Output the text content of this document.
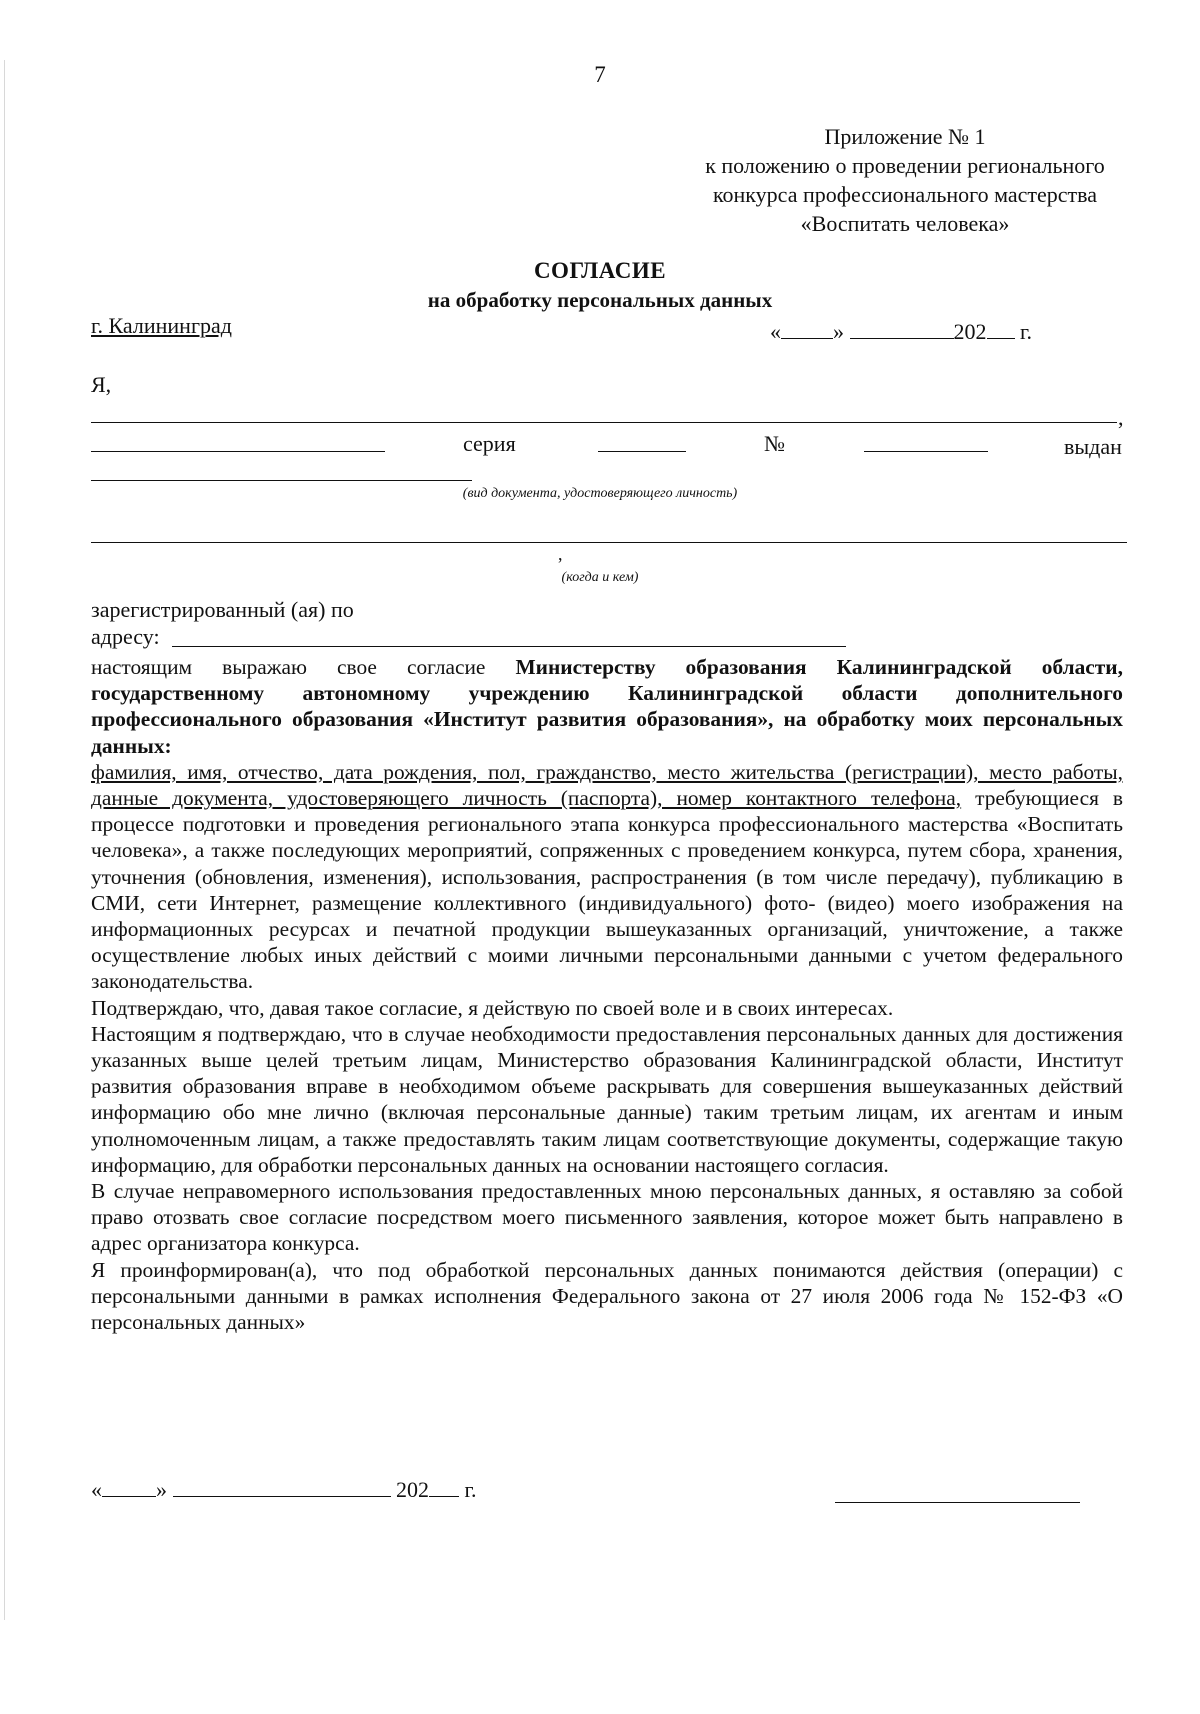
7
Приложение № 1
к положению о проведении регионального
конкурса профессионального мастерства
«Воспитать человека»
СОГЛАСИЕ
на обработку персональных данных
г. Калининград	« »	202 г.
Я,
,
серия	№	выдан
(вид документа, удостоверяющего личность)
,
(когда и кем)
зарегистрированный (ая) по
адресу:

настоящим выражаю свое согласие Министерству образования Калининградской области, государственному автономному учреждению Калининградской области дополнительного профессионального образования «Институт развития образования», на обработку моих персональных данных:

фамилия, имя, отчество, дата рождения, пол, гражданство, место жительства (регистрации), место работы, данные документа, удостоверяющего личность (паспорта), номер контактного телефона, требующиеся в процессе подготовки и проведения регионального этапа конкурса профессионального мастерства «Воспитать человека», а также последующих мероприятий, сопряженных с проведением конкурса, путем сбора, хранения, уточнения (обновления, изменения), использования, распространения (в том числе передачу), публикацию в СМИ, сети Интернет, размещение коллективного (индивидуального) фото- (видео) моего изображения на информационных ресурсах и печатной продукции вышеуказанных организаций, уничтожение, а также осуществление любых иных действий с моими личными персональными данными с учетом федерального законодательства.

Подтверждаю, что, давая такое согласие, я действую по своей воле и в своих интересах.

Настоящим я подтверждаю, что в случае необходимости предоставления персональных данных для достижения указанных выше целей третьим лицам, Министерство образования Калининградской области, Институт развития образования вправе в необходимом объеме раскрывать для совершения вышеуказанных действий информацию обо мне лично (включая персональные данные) таким третьим лицам, их агентам и иным уполномоченным лицам, а также предоставлять таким лицам соответствующие документы, содержащие такую информацию, для обработки персональных данных на основании настоящего согласия.

В случае неправомерного использования предоставленных мною персональных данных, я оставляю за собой право отозвать свое согласие посредством моего письменного заявления, которое может быть направлено в адрес организатора конкурса.

Я проинформирован(а), что под обработкой персональных данных понимаются действия (операции) с персональными данными в рамках исполнения Федерального закона от 27 июля 2006 года № 152-ФЗ «О персональных данных»

« »	202 г.
